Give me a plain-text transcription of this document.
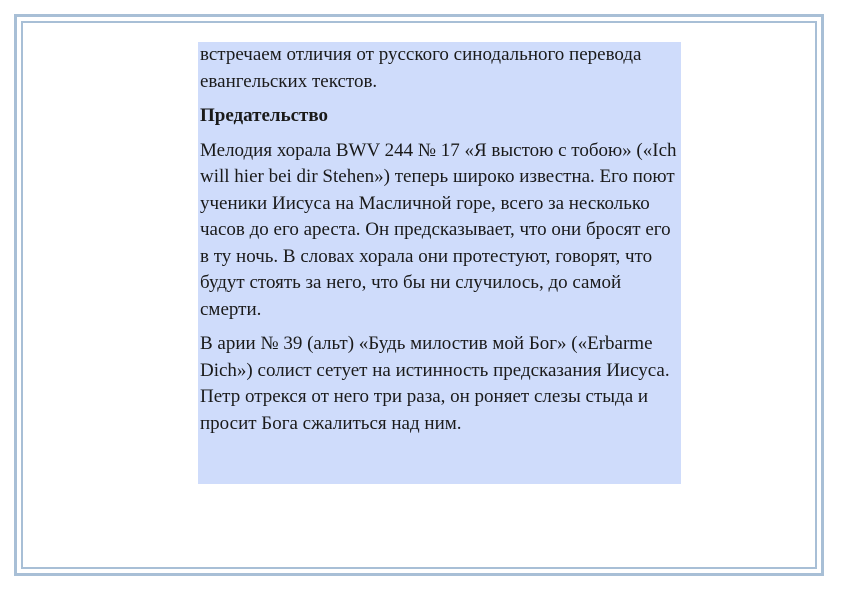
встречаем отличия от русского синодального перевода евангельских текстов.

Предательство

Мелодия хорала BWV 244 № 17 «Я выстою с тобою» («Ich will hier bei dir Stehen») теперь широко известна. Его поют ученики Иисуса на Масличной горе, всего за несколько часов до его ареста. Он предсказывает, что они бросят его в ту ночь. В словах хорала они протестуют, говорят, что будут стоять за него, что бы ни случилось, до самой смерти.

В арии № 39 (альт) «Будь милостив мой Бог» («Erbarme Dich») солист сетует на истинность предсказания Иисуса. Петр отрекся от него три раза, он роняет слезы стыда и просит Бога сжалиться над ним.
